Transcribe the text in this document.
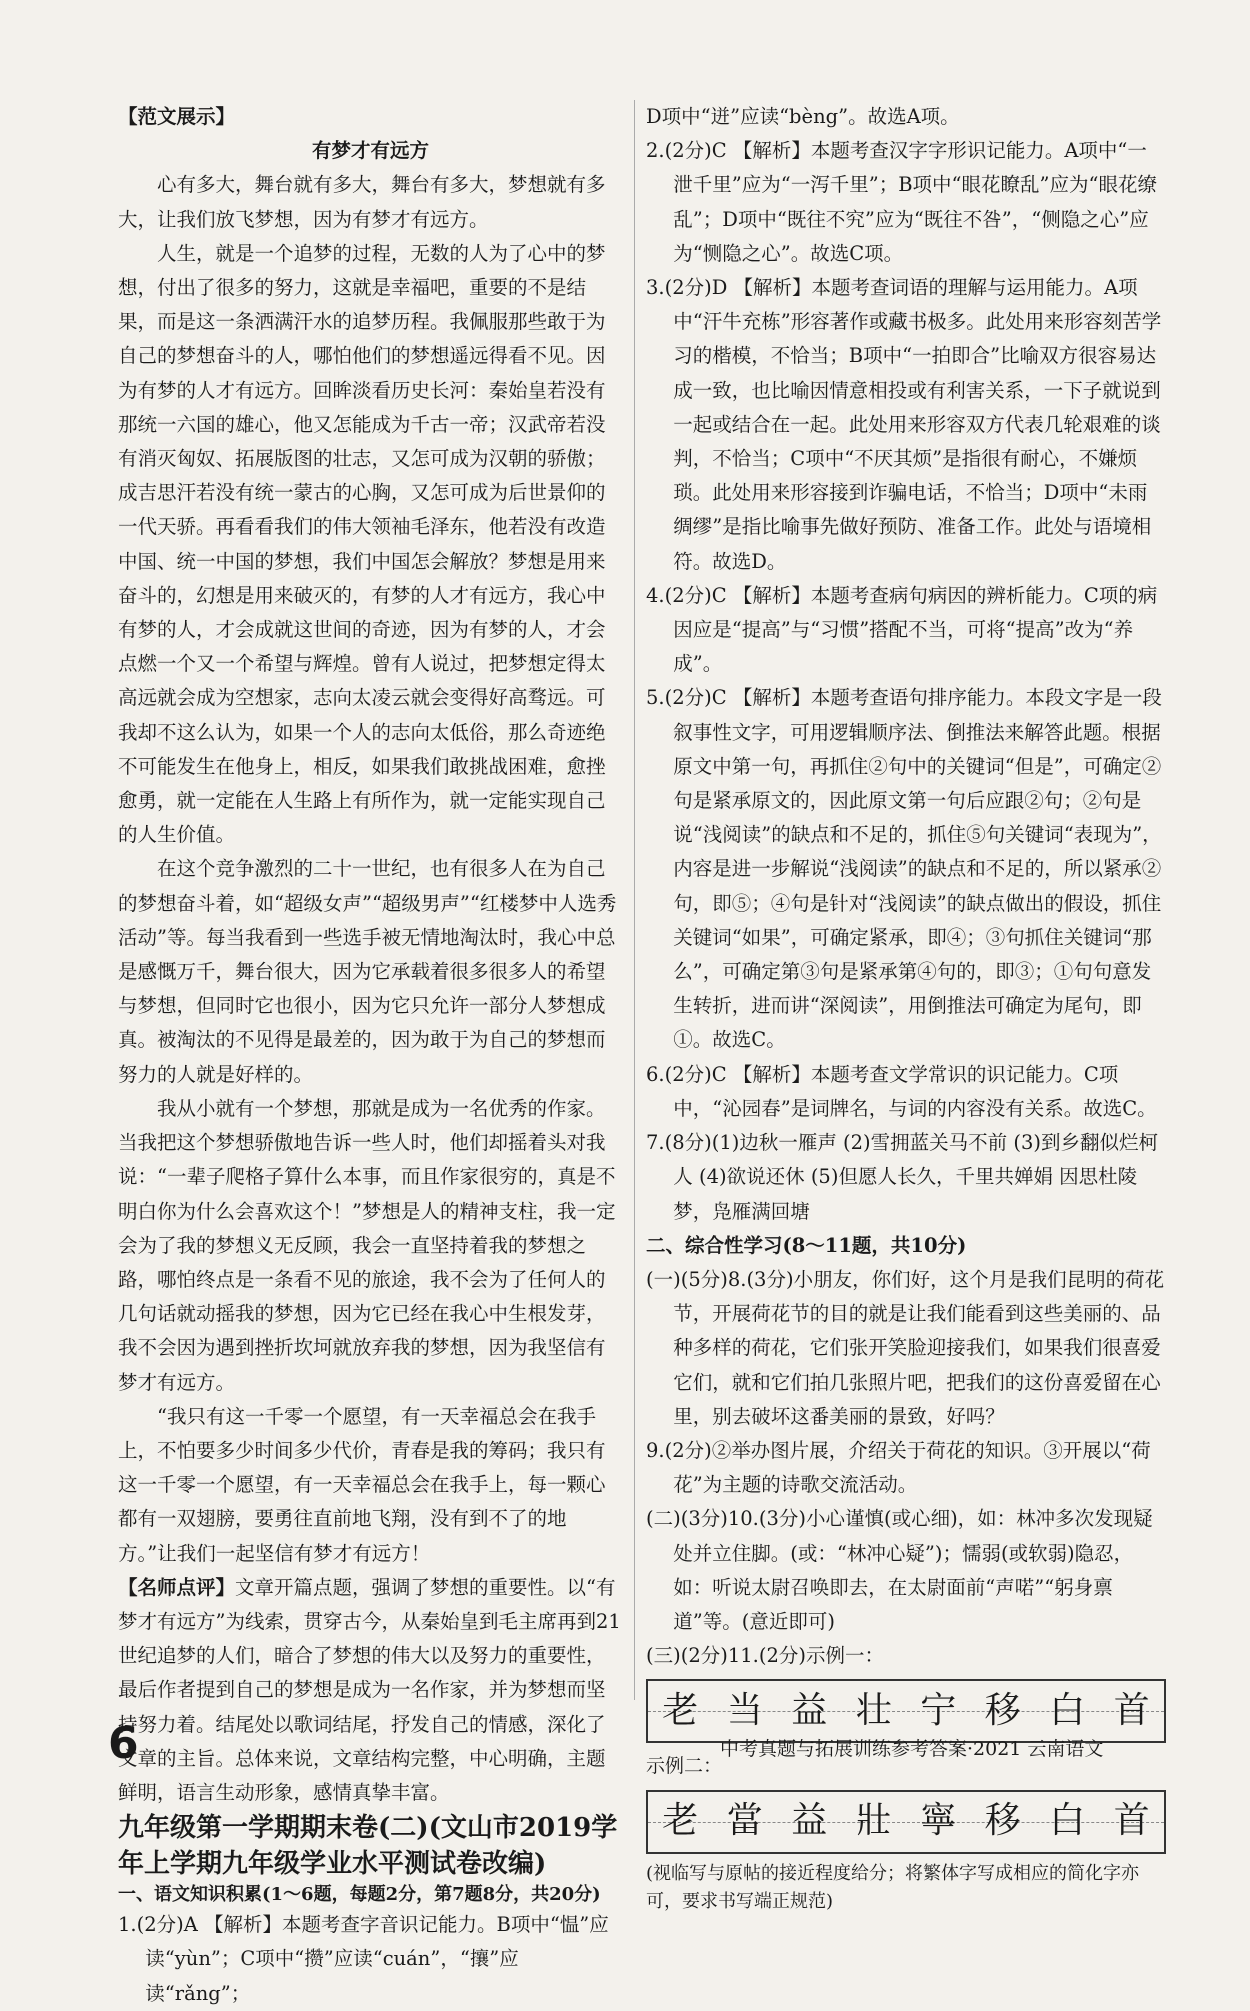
【范文展示】

有梦才有远方

心有多大，舞台就有多大，舞台有多大，梦想就有多大，让我们放飞梦想，因为有梦才有远方。

人生，就是一个追梦的过程，无数的人为了心中的梦想，付出了很多的努力，这就是幸福吧，重要的不是结果，而是这一条洒满汗水的追梦历程。我佩服那些敢于为自己的梦想奋斗的人，哪怕他们的梦想遥远得看不见。因为有梦的人才有远方。回眸淡看历史长河：秦始皇若没有那统一六国的雄心，他又怎能成为千古一帝；汉武帝若没有消灭匈奴、拓展版图的壮志，又怎可成为汉朝的骄傲；成吉思汗若没有统一蒙古的心胸，又怎可成为后世景仰的一代天骄。再看看我们的伟大领袖毛泽东，他若没有改造中国、统一中国的梦想，我们中国怎会解放？梦想是用来奋斗的，幻想是用来破灭的，有梦的人才有远方，我心中有梦的人，才会成就这世间的奇迹，因为有梦的人，才会点燃一个又一个希望与辉煌。曾有人说过，把梦想定得太高远就会成为空想家，志向太凌云就会变得好高骛远。可我却不这么认为，如果一个人的志向太低俗，那么奇迹绝不可能发生在他身上，相反，如果我们敢挑战困难，愈挫愈勇，就一定能在人生路上有所作为，就一定能实现自己的人生价值。

在这个竞争激烈的二十一世纪，也有很多人在为自己的梦想奋斗着，如“超级女声”“超级男声”“红楼梦中人选秀活动”等。每当我看到一些选手被无情地淘汰时，我心中总是感慨万千，舞台很大，因为它承载着很多很多人的希望与梦想，但同时它也很小，因为它只允许一部分人梦想成真。被淘汰的不见得是最差的，因为敢于为自己的梦想而努力的人就是好样的。

我从小就有一个梦想，那就是成为一名优秀的作家。当我把这个梦想骄傲地告诉一些人时，他们却摇着头对我说：“一辈子爬格子算什么本事，而且作家很穷的，真是不明白你为什么会喜欢这个！”梦想是人的精神支柱，我一定会为了我的梦想义无反顾，我会一直坚持着我的梦想之路，哪怕终点是一条看不见的旅途，我不会为了任何人的几句话就动摇我的梦想，因为它已经在我心中生根发芽，我不会因为遇到挫折坎坷就放弃我的梦想，因为我坚信有梦才有远方。

“我只有这一千零一个愿望，有一天幸福总会在我手上，不怕要多少时间多少代价，青春是我的筹码；我只有这一千零一个愿望，有一天幸福总会在我手上，每一颗心都有一双翅膀，要勇往直前地飞翔，没有到不了的地方。”让我们一起坚信有梦才有远方！

【名师点评】文章开篇点题，强调了梦想的重要性。以“有梦才有远方”为线索，贯穿古今，从秦始皇到毛主席再到21世纪追梦的人们，暗合了梦想的伟大以及努力的重要性，最后作者提到自己的梦想是成为一名作家，并为梦想而坚持努力着。结尾处以歌词结尾，抒发自己的情感，深化了文章的主旨。总体来说，文章结构完整，中心明确，主题鲜明，语言生动形象，感情真挚丰富。

九年级第一学期期末卷(二)(文山市2019学年上学期九年级学业水平测试卷改编)

一、语文知识积累(1～6题，每题2分，第7题8分，共20分)

1.(2分)A 【解析】本题考查字音识记能力。B项中“愠”应读“yùn”；C项中“攒”应读“cuán”，“攘”应读“rǎng”；

D项中“迸”应读“bèng”。故选A项。

2.(2分)C 【解析】本题考查汉字字形识记能力。A项中“一泄千里”应为“一泻千里”；B项中“眼花瞭乱”应为“眼花缭乱”；D项中“既往不究”应为“既往不咎”，“侧隐之心”应为“恻隐之心”。故选C项。

3.(2分)D 【解析】本题考查词语的理解与运用能力。A项中“汗牛充栋”形容著作或藏书极多。此处用来形容刻苦学习的楷模，不恰当；B项中“一拍即合”比喻双方很容易达成一致，也比喻因情意相投或有利害关系，一下子就说到一起或结合在一起。此处用来形容双方代表几轮艰难的谈判，不恰当；C项中“不厌其烦”是指很有耐心，不嫌烦琐。此处用来形容接到诈骗电话，不恰当；D项中“未雨绸缪”是指比喻事先做好预防、准备工作。此处与语境相符。故选D。

4.(2分)C 【解析】本题考查病句病因的辨析能力。C项的病因应是“提高”与“习惯”搭配不当，可将“提高”改为“养成”。

5.(2分)C 【解析】本题考查语句排序能力。本段文字是一段叙事性文字，可用逻辑顺序法、倒推法来解答此题。根据原文中第一句，再抓住②句中的关键词“但是”，可确定②句是紧承原文的，因此原文第一句后应跟②句；②句是说“浅阅读”的缺点和不足的，抓住⑤句关键词“表现为”，内容是进一步解说“浅阅读”的缺点和不足的，所以紧承②句，即⑤；④句是针对“浅阅读”的缺点做出的假设，抓住关键词“如果”，可确定紧承，即④；③句抓住关键词“那么”，可确定第③句是紧承第④句的，即③；①句句意发生转折，进而讲“深阅读”，用倒推法可确定为尾句，即①。故选C。

6.(2分)C 【解析】本题考查文学常识的识记能力。C项中，“沁园春”是词牌名，与词的内容没有关系。故选C。

7.(8分)(1)边秋一雁声 (2)雪拥蓝关马不前 (3)到乡翻似烂柯人 (4)欲说还休 (5)但愿人长久，千里共婵娟 因思杜陵梦，凫雁满回塘

二、综合性学习(8～11题，共10分)

(一)(5分)8.(3分)小朋友，你们好，这个月是我们昆明的荷花节，开展荷花节的目的就是让我们能看到这些美丽的、品种多样的荷花，它们张开笑脸迎接我们，如果我们很喜爱它们，就和它们拍几张照片吧，把我们的这份喜爱留在心里，别去破坏这番美丽的景致，好吗？

9.(2分)②举办图片展，介绍关于荷花的知识。③开展以“荷花”为主题的诗歌交流活动。

(二)(3分)10.(3分)小心谨慎(或心细)，如：林冲多次发现疑处并立住脚。(或：“林冲心疑”)；懦弱(或软弱)隐忍，如：听说太尉召唤即去，在太尉面前“声喏”“躬身禀道”等。(意近即可)

(三)(2分)11.(2分)示例一：

老 当 益 壮 宁 移 白 首

示例二：

老 當 益 壯 寧 移 白 首

(视临写与原帖的接近程度给分；将繁体字写成相应的简化字亦可，要求书写端正规范)

6	中考真题与拓展训练参考答案·2021 云南语文
